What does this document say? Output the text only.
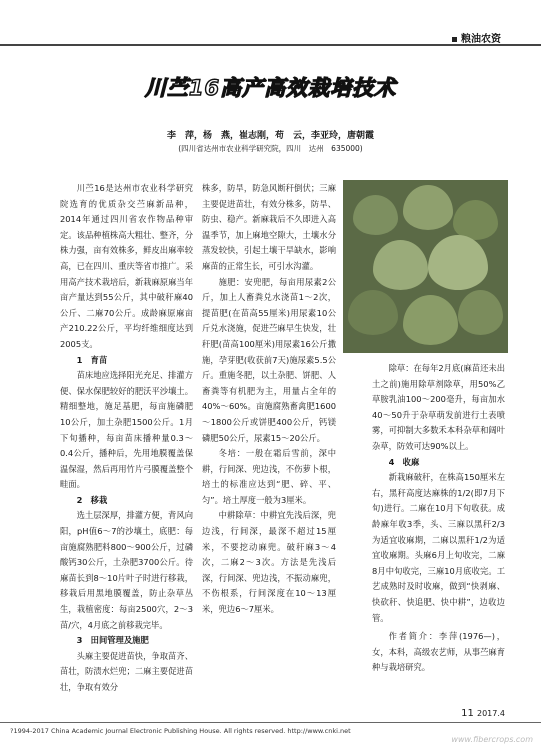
粮油农资
川苎16高产高效栽培技术
李　萍，杨　燕，崔志刚，苟　云，李亚玲，唐朝霞
(四川省达州市农业科学研究院，四川　达州　635000)

川苎16是达州市农业科学研究院选育的优质杂交苎麻新品种，2014年通过四川省农作物品种审定。该品种植株高大粗壮、整齐，分株力强，亩有效株多，鲜皮出麻率较高，已在四川、重庆等省市推广。采用高产技术栽培后，新栽麻原麻当年亩产量达到55公斤，其中破秆麻40公斤、二麻70公斤。成龄麻原麻亩产210.22公斤，平均纤维细度达到2005支。

1　育苗

苗床地应选择阳光充足、排灌方便、保水保肥较好的肥沃平沙壤土。精细整地，施足基肥，每亩施磷肥10公斤，加土杂肥1500公斤。1月下旬播种，每亩苗床播种量0.3～0.4公斤，播种后，先用地膜覆盖保温保湿，然后再用竹片弓膜覆盖整个畦面。

2　移栽

选土层深厚，排灌方便，背风向阳，pH值6～7的沙壤土，底肥：每亩施腐熟肥料800～900公斤，过磷酸钙30公斤，土杂肥3700公斤。待麻苗长到8～10片叶子时进行移栽，移栽后用黑地膜覆盖，防止杂草丛生，栽植密度：每亩2500穴，2～3苗/穴，4月底之前移栽完毕。

3　田间管理及施肥

头麻主要促进苗快，争取苗齐、苗壮，防渍水烂兜；二麻主要促进苗壮，争取有效分

株多，防旱，防急风断秆倒伏；三麻主要促进苗壮，有效分株多，防旱、防虫、稳产。新麻栽后不久即进入高温季节，加上麻地空隙大，土壤水分蒸发较快，引起土壤干旱缺水，影响麻苗的正常生长，可引水沟灌。

施肥：安兜肥，每亩用尿素2公斤，加上人畜粪兑水浇苗1～2次，提苗肥(在苗高55厘米)用尿素10公斤兑水浇施，促进苎麻早生快发，壮秆肥(苗高100厘米)用尿素16公斤撒施，孕芽肥(收获前7天)施尿素5.5公斤。重施冬肥，以土杂肥、饼肥、人畜粪等有机肥为主，用量占全年的40%～60%。亩施腐熟畜禽肥1600～1800公斤或饼肥400公斤，钙镁磷肥50公斤，尿素15～20公斤。

冬培：一般在霜后雪前，深中耕，行间深、兜边浅，不伤萝卜根，培土的标准应达到“肥、碎、平、匀”。培土厚度一般为3厘米。

中耕除草：中耕宜先浅后深，兜边浅，行间深，最深不超过15厘米，不要挖动麻兜。破秆麻3～4次，二麻2～3次。方法是先浅后深，行间深、兜边浅，不振动麻兜，不伤根系，行间深度在10～13厘米，兜边6～7厘米。

除草：在每年2月底(麻苗还未出土之前)施用除草剂除草，用50%乙草胺乳油100～200毫升，每亩加水40～50升于杂草萌发前进行土表喷雾，可抑制大多数禾本科杂草和阔叶杂草，防效可达90%以上。

4　收麻

新栽麻破秆，在株高150厘米左右，黑秆高度达麻株的1/2(即7月下旬)进行。二麻在10月下旬收获。成龄麻年收3季，头、三麻以黑秆2/3为适宜收麻期，二麻以黑秆1/2为适宜收麻期。头麻6月上旬收完，二麻8月中旬收完，三麻10月底收完。工艺成熟时及时收麻，做到“快剥麻、快砍秆、快追肥、快中耕”，边收边管。

作者简介：李萍(1976—)，女，本科，高级农艺师，从事苎麻育种与栽培研究。

11 2017.4
?1994-2017 China Academic Journal Electronic Publishing House. All rights reserved. http://www.cnki.net
www.fibercrops.com
